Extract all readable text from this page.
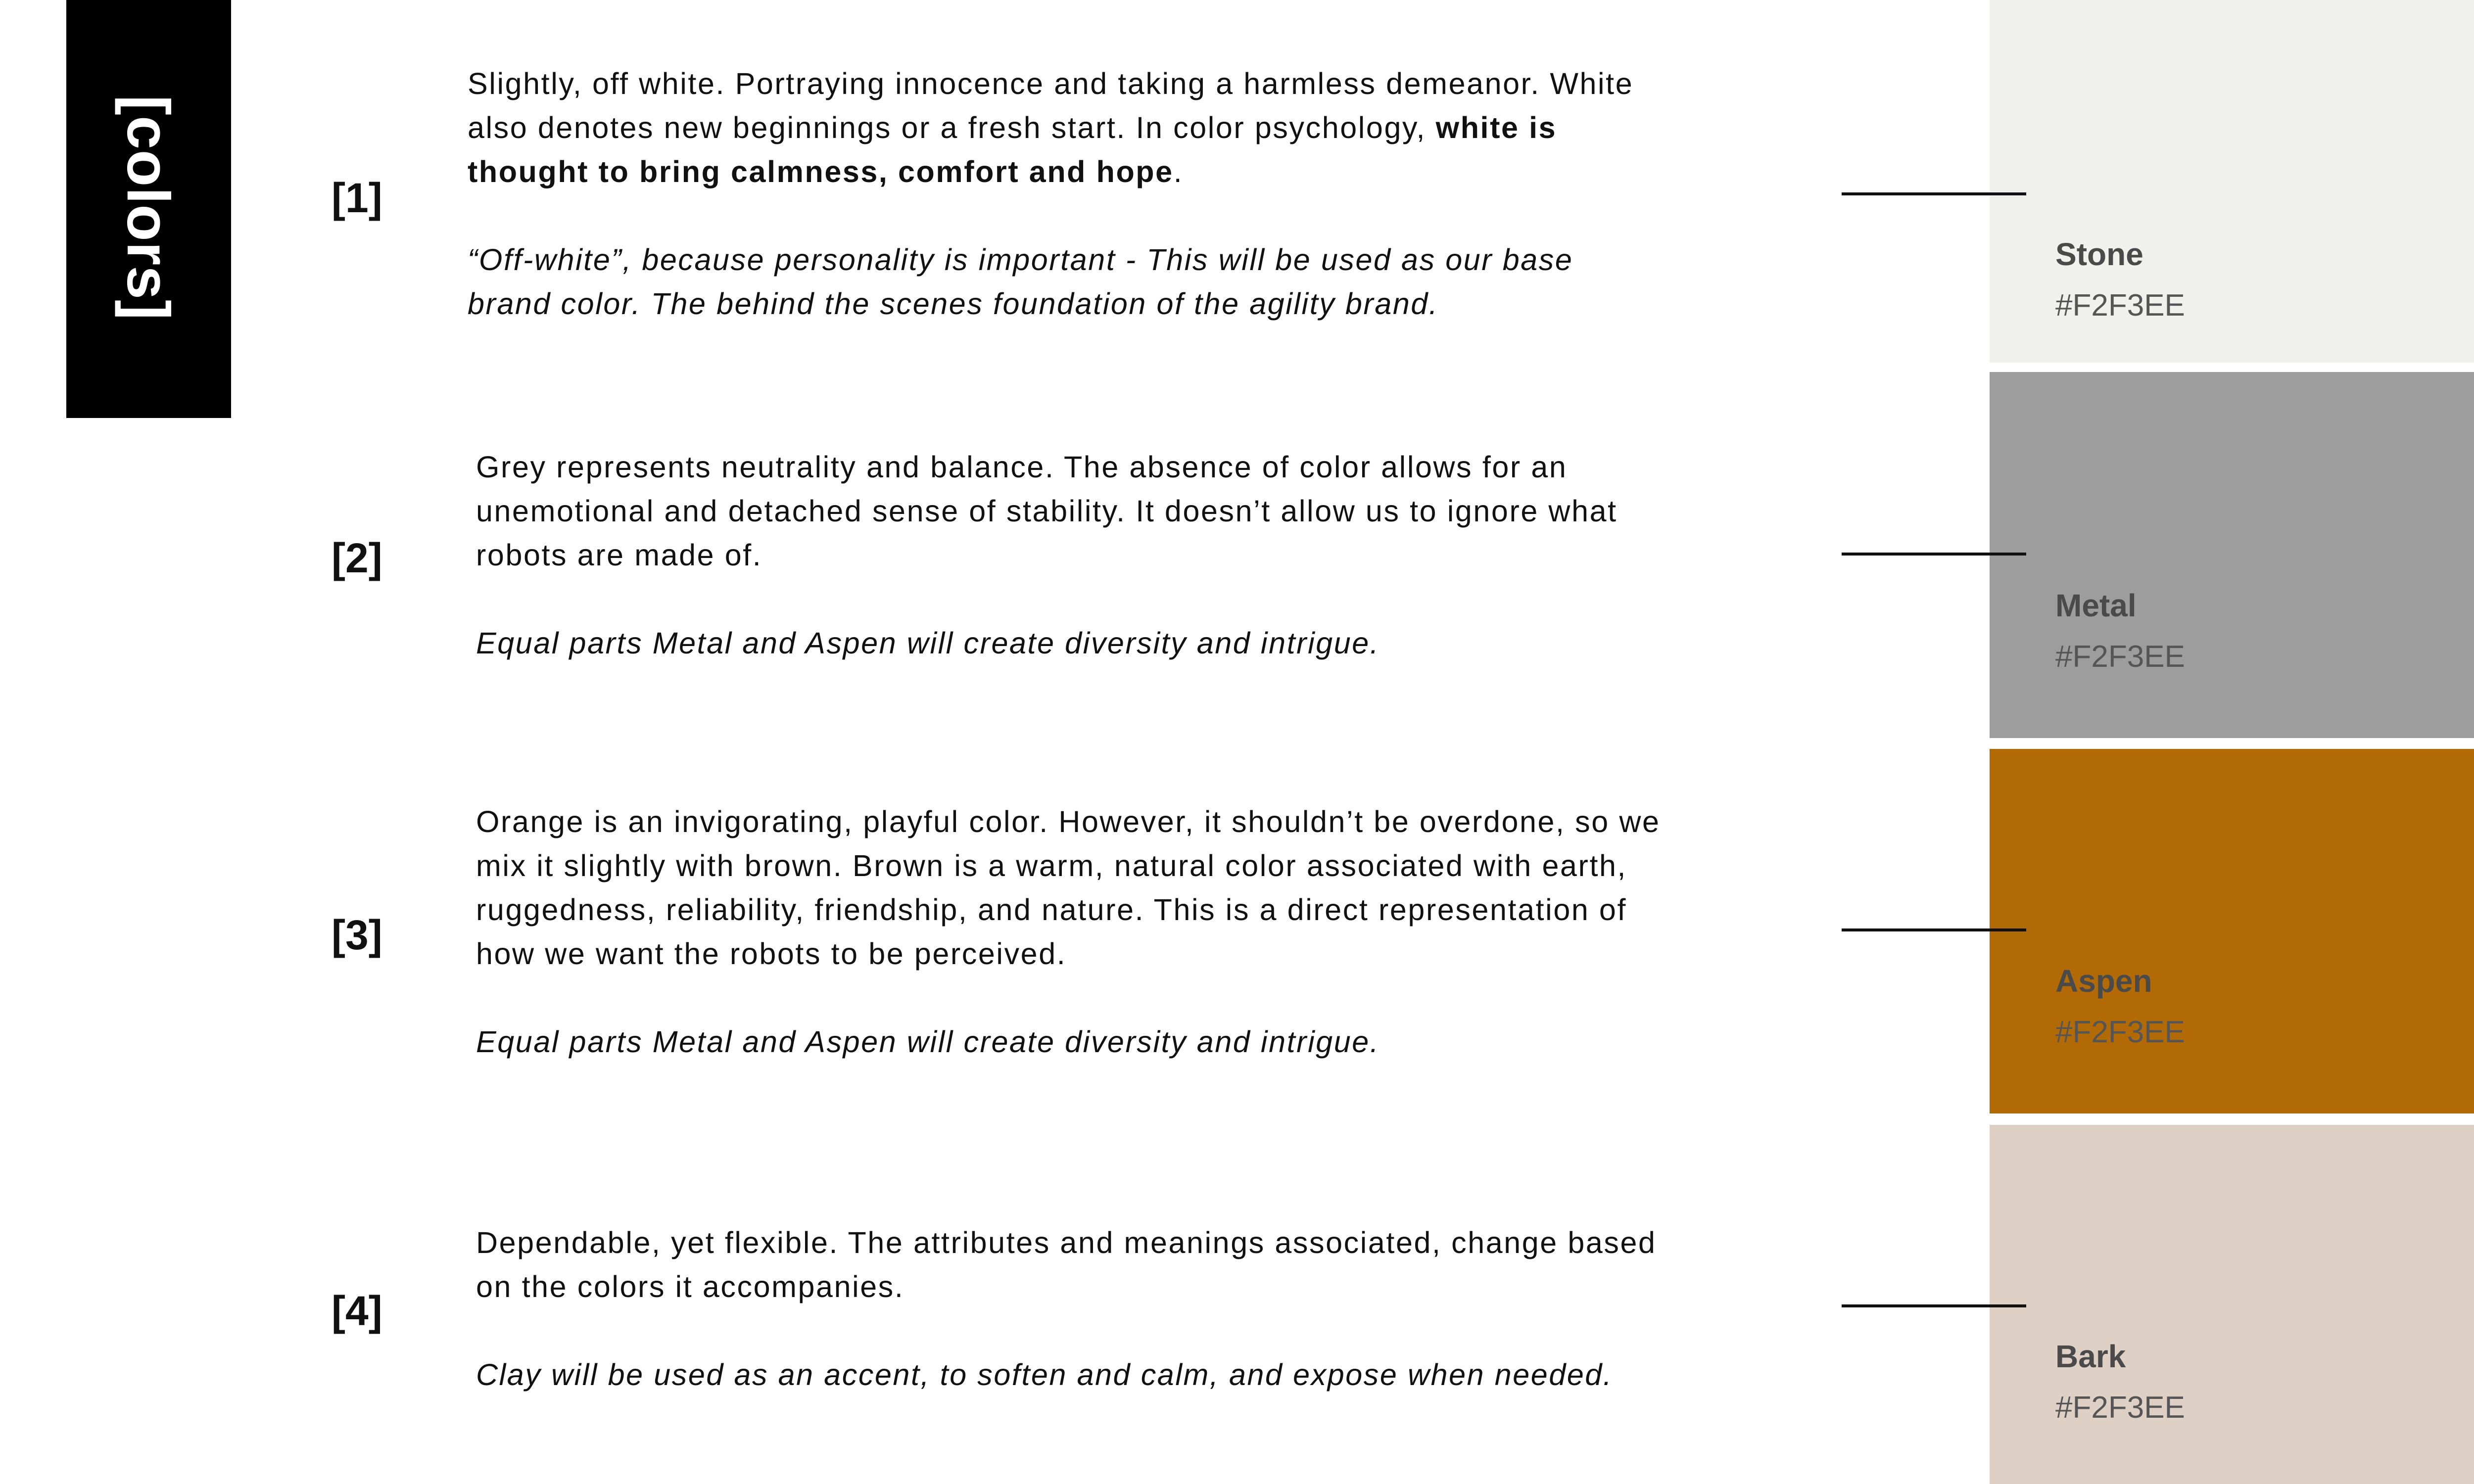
[colors]	[1]

Slightly, off white. Portraying innocence and taking a harmless demeanor. White

also denotes new beginnings or a fresh start. In color psychology, white is

thought to bring calmness, comfort and hope.

“Off-white”, because personality is important - This will be used as our base

brand color. The behind the scenes foundation of the agility brand.

[2]

Grey represents neutrality and balance. The absence of color allows for an

unemotional and detached sense of stability. It doesn’t allow us to ignore what

robots are made of.

Equal parts Metal and Aspen will create diversity and intrigue.

[3]

Orange is an invigorating, playful color. However, it shouldn’t be overdone, so we

mix it slightly with brown. Brown is a warm, natural color associated with earth,

ruggedness, reliability, friendship, and nature. This is a direct representation of

how we want the robots to be perceived.

Equal parts Metal and Aspen will create diversity and intrigue.

[4]

Dependable, yet flexible. The attributes and meanings associated, change based

on the colors it accompanies.

Clay will be used as an accent, to soften and calm, and expose when needed.

Stone
#F2F3EE
Metal
#F2F3EE
Aspen
#F2F3EE
Bark
#F2F3EE
